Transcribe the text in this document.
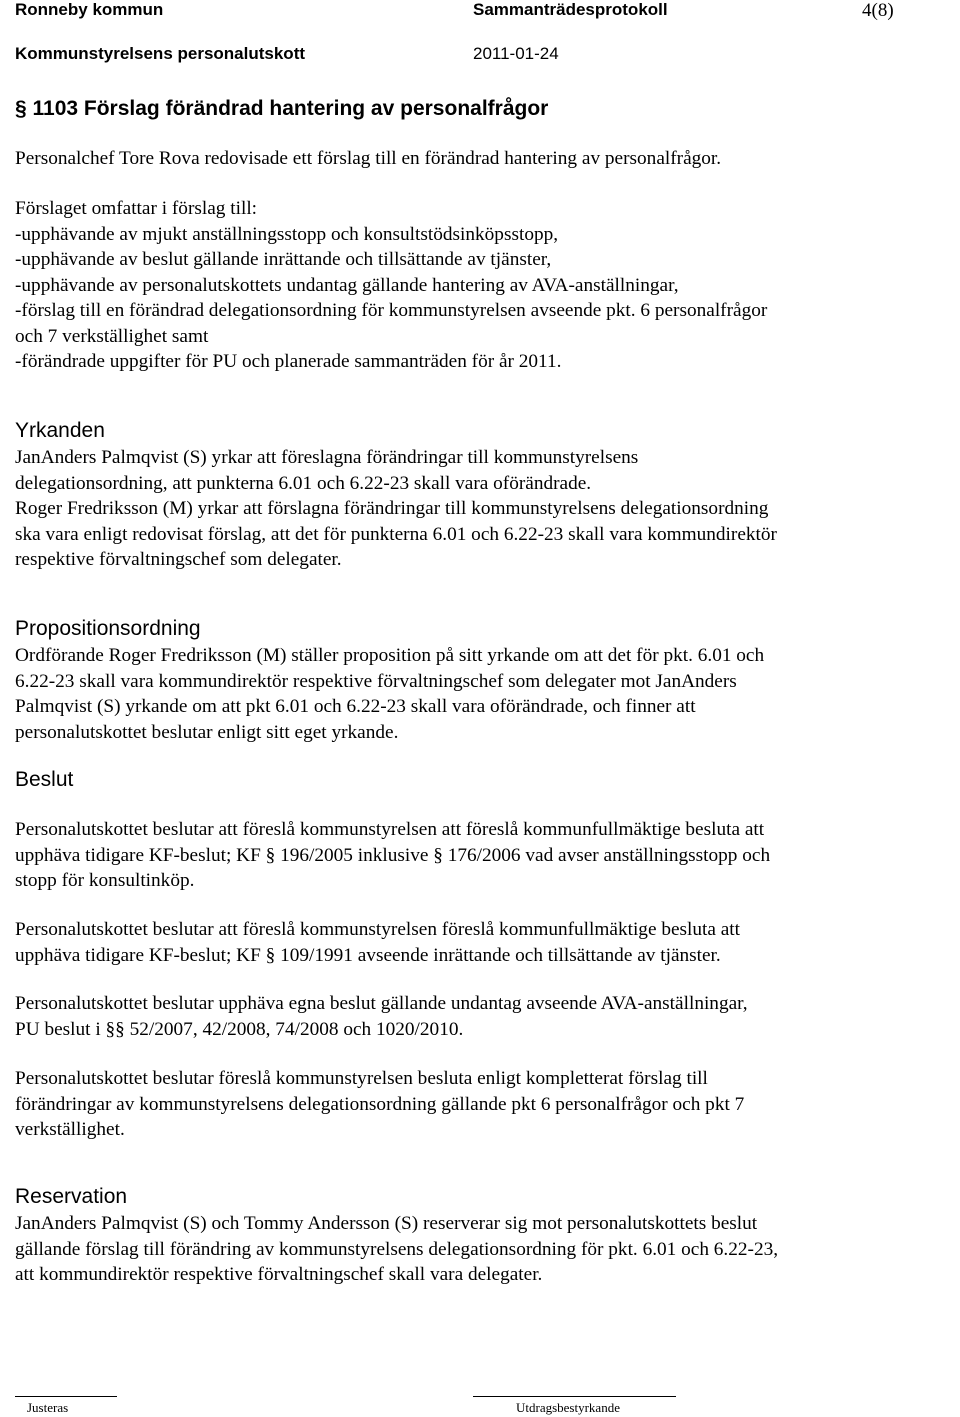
Ronneby kommun	Sammanträdesprotokoll	4(8)
Kommunstyrelsens personalutskott	2011-01-24
§ 1103 Förslag förändrad hantering av personalfrågor
Personalchef Tore Rova redovisade ett förslag till en förändrad hantering av personalfrågor.
Förslaget omfattar i förslag till:
-upphävande av mjukt anställningsstopp och konsultstödsinköpsstopp,
-upphävande av beslut gällande inrättande och tillsättande av tjänster,
-upphävande av personalutskottets undantag gällande hantering av AVA-anställningar,
-förslag till en förändrad delegationsordning för kommunstyrelsen avseende pkt. 6 personalfrågor
och 7 verkställighet samt
-förändrade uppgifter för PU och planerade sammanträden för år 2011.
Yrkanden
JanAnders Palmqvist (S) yrkar att föreslagna förändringar till kommunstyrelsens
delegationsordning, att punkterna 6.01 och 6.22-23 skall vara oförändrade.
Roger Fredriksson (M) yrkar att förslagna förändringar till kommunstyrelsens delegationsordning
ska vara enligt redovisat förslag, att det för punkterna 6.01 och 6.22-23 skall vara kommundirektör
respektive förvaltningschef som delegater.
Propositionsordning
Ordförande Roger Fredriksson (M) ställer proposition på sitt yrkande om att det för pkt. 6.01 och
6.22-23 skall vara kommundirektör respektive förvaltningschef som delegater mot JanAnders
Palmqvist (S) yrkande om att pkt 6.01 och 6.22-23 skall vara oförändrade, och finner att
personalutskottet beslutar enligt sitt eget yrkande.
Beslut
Personalutskottet beslutar att föreslå kommunstyrelsen att föreslå kommunfullmäktige besluta att
upphäva tidigare KF-beslut; KF § 196/2005 inklusive § 176/2006 vad avser anställningsstopp och
stopp för konsultinköp.
Personalutskottet beslutar att föreslå kommunstyrelsen föreslå kommunfullmäktige besluta att
upphäva tidigare KF-beslut; KF § 109/1991 avseende inrättande och tillsättande av tjänster.
Personalutskottet beslutar upphäva egna beslut gällande undantag avseende AVA-anställningar,
PU beslut i §§ 52/2007, 42/2008, 74/2008 och 1020/2010.
Personalutskottet beslutar föreslå kommunstyrelsen besluta enligt kompletterat förslag till
förändringar av kommunstyrelsens delegationsordning gällande pkt 6 personalfrågor och pkt 7
verkställighet.
Reservation
JanAnders Palmqvist (S) och Tommy Andersson (S) reserverar sig mot personalutskottets beslut
gällande förslag till förändring av kommunstyrelsens delegationsordning för pkt. 6.01 och 6.22-23,
att kommundirektör respektive förvaltningschef skall vara delegater.
Justeras	Utdragsbestyrkande
